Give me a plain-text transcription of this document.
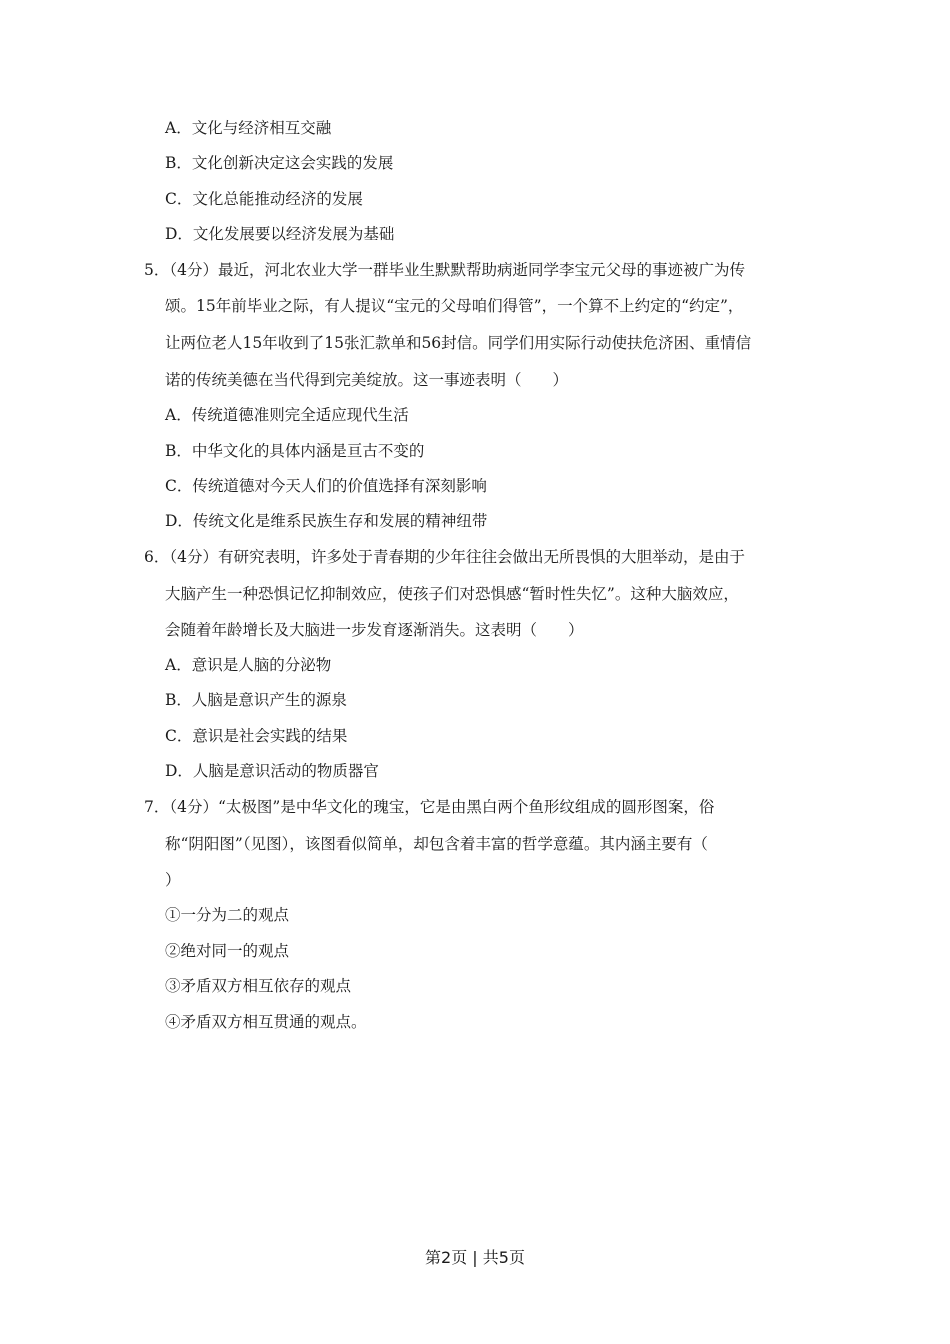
A．文化与经济相互交融
B．文化创新决定这会实践的发展
C．文化总能推动经济的发展
D．文化发展要以经济发展为基础
5．（4分）最近，河北农业大学一群毕业生默默帮助病逝同学李宝元父母的事迹被广为传
颂。15年前毕业之际，有人提议“宝元的父母咱们得管”，一个算不上约定的“约定”，
让两位老人15年收到了15张汇款单和56封信。同学们用实际行动使扶危济困、重情信
诺的传统美德在当代得到完美绽放。这一事迹表明（　　）
A．传统道德准则完全适应现代生活
B．中华文化的具体内涵是亘古不变的
C．传统道德对今天人们的价值选择有深刻影响
D．传统文化是维系民族生存和发展的精神纽带
6．（4分）有研究表明，许多处于青春期的少年往往会做出无所畏惧的大胆举动，是由于
大脑产生一种恐惧记忆抑制效应，使孩子们对恐惧感“暂时性失忆”。这种大脑效应，
会随着年龄增长及大脑进一步发育逐渐消失。这表明（　　）
A．意识是人脑的分泌物
B．人脑是意识产生的源泉
C．意识是社会实践的结果
D．人脑是意识活动的物质器官
7．（4分）“太极图”是中华文化的瑰宝，它是由黑白两个鱼形纹组成的圆形图案，俗
称“阴阳图”（见图），该图看似简单，却包含着丰富的哲学意蕴。其内涵主要有（
）
①一分为二的观点
②绝对同一的观点
③矛盾双方相互依存的观点
④矛盾双方相互贯通的观点。
第2页 | 共5页
